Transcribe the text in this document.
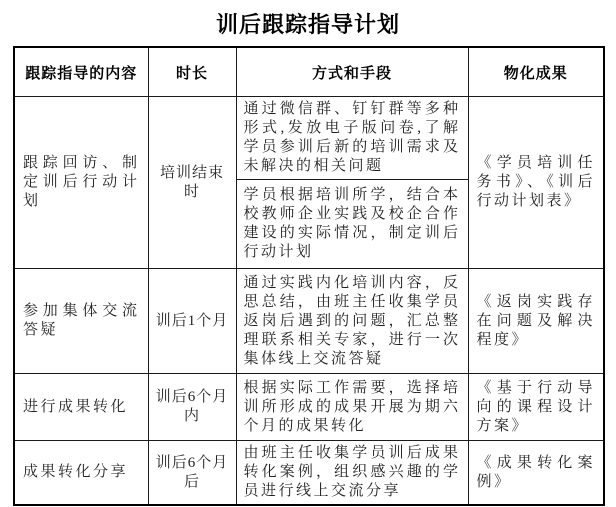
训后跟踪指导计划
跟踪指导的内容	时长	方式和手段	物化成果
跟踪回访、制定训后行动计划	培训结束时	通过微信群、钉钉群等多种形式,发放电子版问卷,了解学员参训后新的培训需求及未解决的相关问题	《学员培训任务书》、《训后行动计划表》
		学员根据培训所学，结合本校教师企业实践及校企合作建设的实际情况，制定训后行动计划	
参加集体交流答疑	训后1个月	通过实践内化培训内容，反思总结，由班主任收集学员返岗后遇到的问题，汇总整理联系相关专家，进行一次集体线上交流答疑	《返岗实践存在问题及解决程度》
进行成果转化	训后6个月内	根据实际工作需要，选择培训所形成的成果开展为期六个月的成果转化	《基于行动导向的课程设计方案》
成果转化分享	训后6个月后	由班主任收集学员训后成果转化案例，组织感兴趣的学员进行线上交流分享	《成果转化案例》
